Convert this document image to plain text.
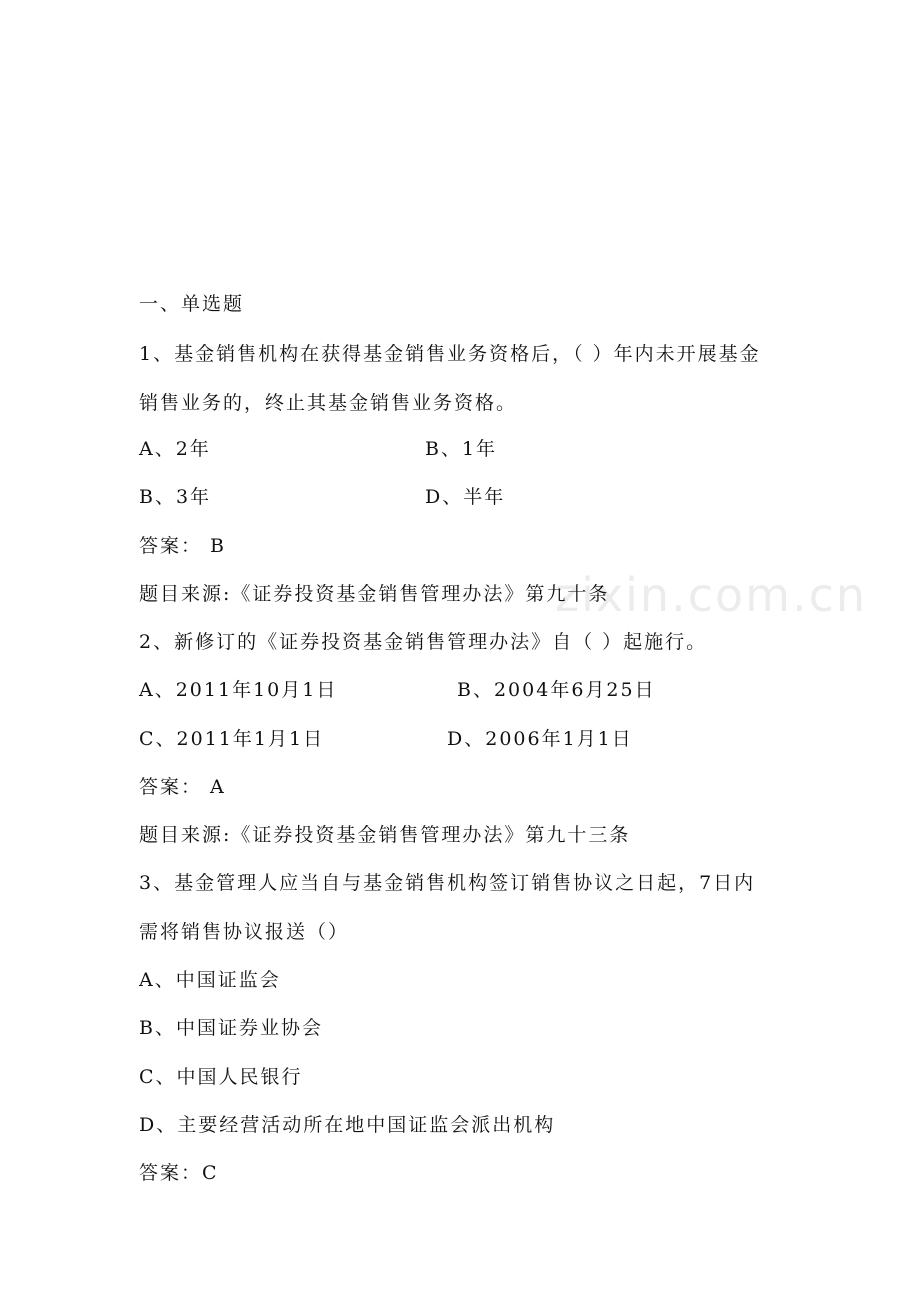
zixin.com.cn
一、单选题
1、基金销售机构在获得基金销售业务资格后，（ ）年内未开展基金
销售业务的，终止其基金销售业务资格。
A、2年	B、1年
B、3年	D、半年
答案： B
题目来源:《证券投资基金销售管理办法》第九十条
2、新修订的《证券投资基金销售管理办法》自（ ）起施行。
A、2011年10月1日	B、2004年6月25日
C、2011年1月1日	D、2006年1月1日
答案： A
题目来源:《证券投资基金销售管理办法》第九十三条
3、基金管理人应当自与基金销售机构签订销售协议之日起，7日内
需将销售协议报送（）
A、中国证监会
B、中国证券业协会
C、中国人民银行
D、主要经营活动所在地中国证监会派出机构
答案：C
